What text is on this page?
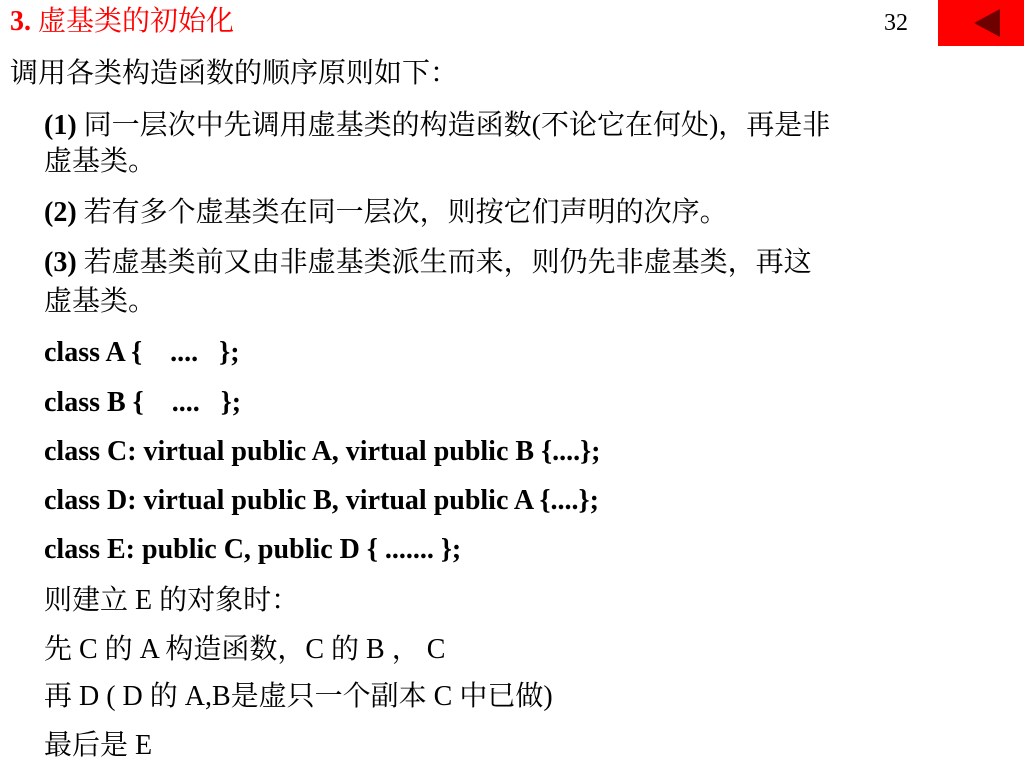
3. 虚基类的初始化	32
调用各类构造函数的顺序原则如下：
(1) 同一层次中先调用虚基类的构造函数(不论它在何处)，再是非
虚基类。
(2) 若有多个虚基类在同一层次，则按它们声明的次序。
(3) 若虚基类前又由非虚基类派生而来，则仍先非虚基类，再这
虚基类。
class A {    ....   };
class B {    ....   };
class C: virtual public A, virtual public B {....};
class D: virtual public B, virtual public A {....};
class E: public C, public D { ....... };
则建立 E 的对象时：
先 C 的 A 构造函数，C 的 B ， C
再 D ( D 的 A,B是虚只一个副本 C 中已做)
最后是 E
